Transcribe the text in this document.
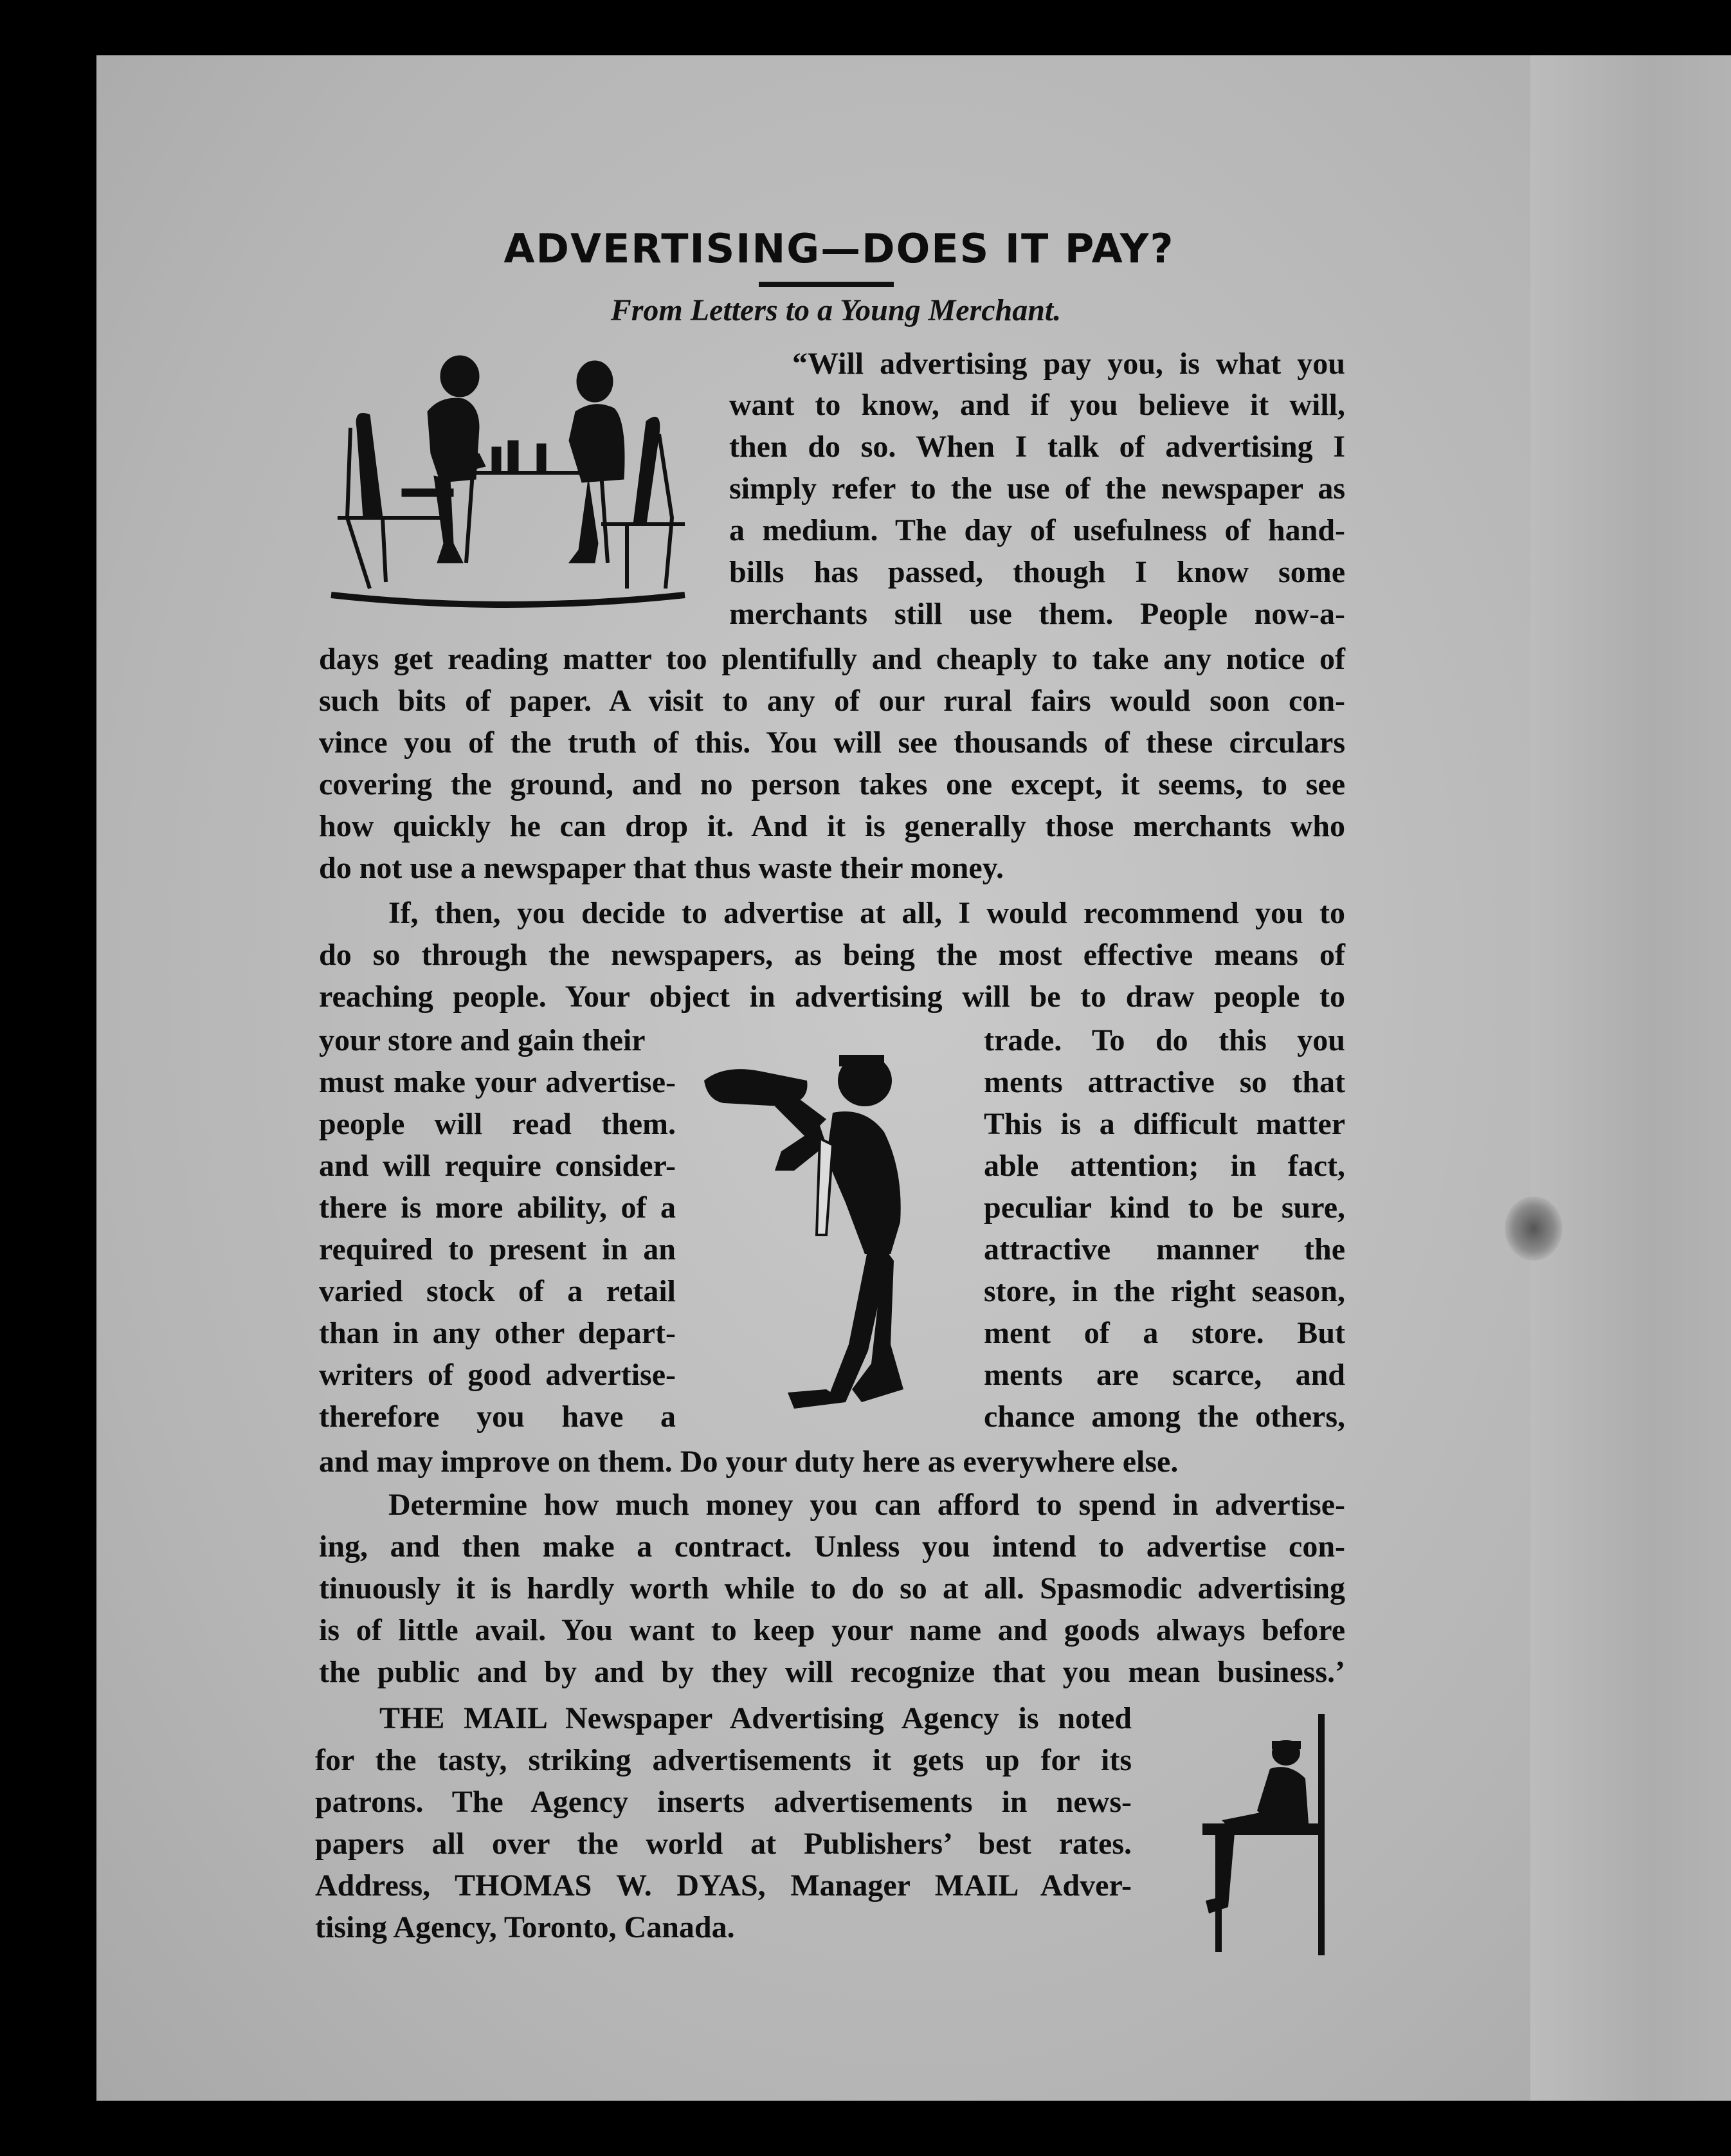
ADVERTISING—DOES IT PAY?

From Letters to a Young Merchant.

“Will advertising pay you, is what you

want to know, and if you believe it will,

then do so. When I talk of advertising I

simply refer to the use of the newspaper as

a medium. The day of usefulness of hand-

bills has passed, though I know some

merchants still use them. People now-a-

days get reading matter too plentifully and cheaply to take any notice of

such bits of paper. A visit to any of our rural fairs would soon con-

vince you of the truth of this. You will see thousands of these circulars

covering the ground, and no person takes one except, it seems, to see

how quickly he can drop it. And it is generally those merchants who

do not use a newspaper that thus waste their money.

If, then, you decide to advertise at all, I would recommend you to

do so through the newspapers, as being the most effective means of

reaching people. Your object in advertising will be to draw people to

your store and gain their

must make your advertise-

people will read them.

and will require consider-

there is more ability, of a

required to present in an

varied stock of a retail

than in any other depart-

writers of good advertise-

therefore you have a

trade. To do this you

ments attractive so that

This is a difficult matter

able attention; in fact,

peculiar kind to be sure,

attractive manner the

store, in the right season,

ment of a store. But

ments are scarce, and

chance among the others,

and may improve on them. Do your duty here as everywhere else.

Determine how much money you can afford to spend in advertise-

ing, and then make a contract. Unless you intend to advertise con-

tinuously it is hardly worth while to do so at all. Spasmodic advertising

is of little avail. You want to keep your name and goods always before

the public and by and by they will recognize that you mean business.’

THE MAIL Newspaper Advertising Agency is noted

for the tasty, striking advertisements it gets up for its

patrons. The Agency inserts advertisements in news-

papers all over the world at Publishers’ best rates.

Address, THOMAS W. DYAS, Manager MAIL Adver-

tising Agency, Toronto, Canada.
